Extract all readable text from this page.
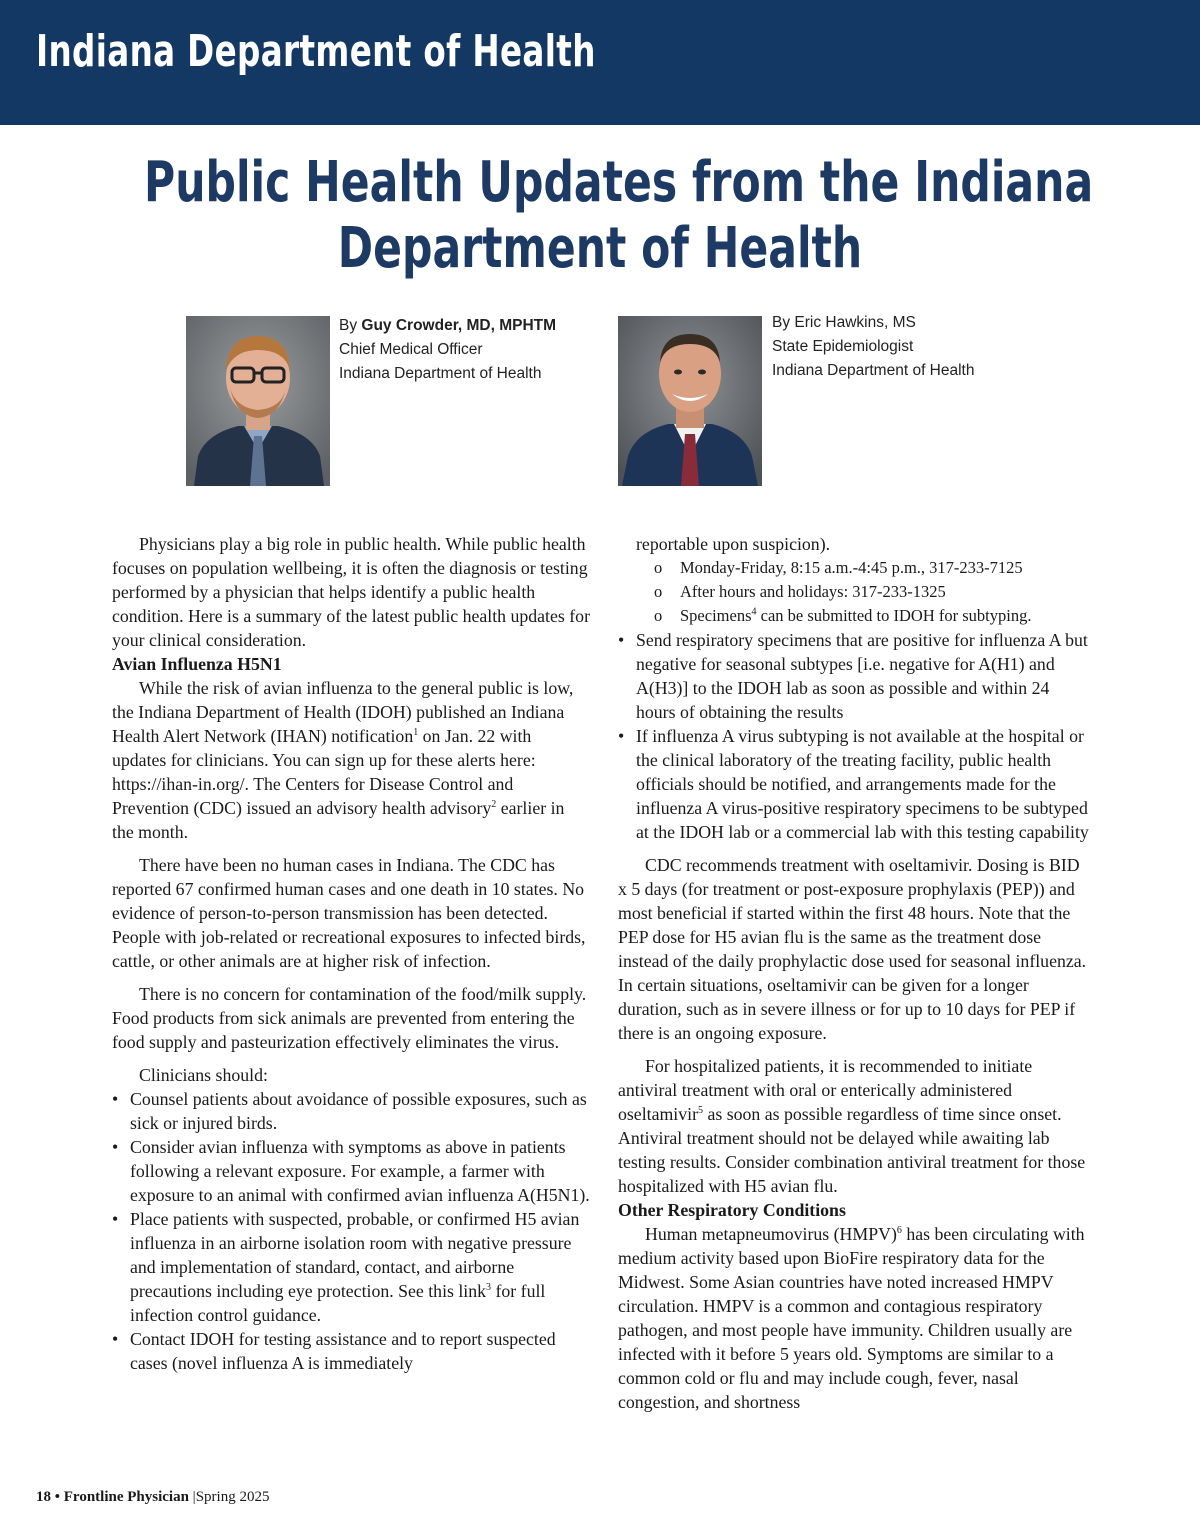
Indiana Department of Health
Public Health Updates from the Indiana
Department of Health
By Guy Crowder, MD, MPHTM
Chief Medical Officer
Indiana Department of Health
By Eric Hawkins, MS
State Epidemiologist
Indiana Department of Health

Physicians play a big role in public health. While public health focuses on population wellbeing, it is often the diagnosis or testing performed by a physician that helps identify a public health condition. Here is a summary of the latest public health updates for your clinical consideration.

Avian Influenza H5N1

While the risk of avian influenza to the general public is low, the Indiana Department of Health (IDOH) published an Indiana Health Alert Network (IHAN) notification$^1$ on Jan. 22 with updates for clinicians. You can sign up for these alerts here: https://ihan-in.org/. The Centers for Disease Control and Prevention (CDC) issued an advisory health advisory$^2$ earlier in the month.

There have been no human cases in Indiana. The CDC has reported 67 confirmed human cases and one death in 10 states. No evidence of person-to-person transmission has been detected. People with job-related or recreational exposures to infected birds, cattle, or other animals are at higher risk of infection.

There is no concern for contamination of the food/milk supply. Food products from sick animals are prevented from entering the food supply and pasteurization effectively eliminates the virus.

Clinicians should:

• Counsel patients about avoidance of possible exposures, such as sick or injured birds.
• Consider avian influenza with symptoms as above in patients following a relevant exposure. For example, a farmer with exposure to an animal with confirmed avian influenza A(H5N1).
• Place patients with suspected, probable, or confirmed H5 avian influenza in an airborne isolation room with negative pressure and implementation of standard, contact, and airborne precautions including eye protection. See this link$^3$ for full infection control guidance.
• Contact IDOH for testing assistance and to report suspected cases (novel influenza A is immediately

reportable upon suspicion).

o Monday-Friday, 8:15 a.m.-4:45 p.m., 317-233-7125
o After hours and holidays: 317-233-1325
o Specimens$^4$ can be submitted to IDOH for subtyping.
• Send respiratory specimens that are positive for influenza A but negative for seasonal subtypes [i.e. negative for A(H1) and A(H3)] to the IDOH lab as soon as possible and within 24 hours of obtaining the results
• If influenza A virus subtyping is not available at the hospital or the clinical laboratory of the treating facility, public health officials should be notified, and arrangements made for the influenza A virus-positive respiratory specimens to be subtyped at the IDOH lab or a commercial lab with this testing capability

CDC recommends treatment with oseltamivir. Dosing is BID x 5 days (for treatment or post-exposure prophylaxis (PEP)) and most beneficial if started within the first 48 hours. Note that the PEP dose for H5 avian flu is the same as the treatment dose instead of the daily prophylactic dose used for seasonal influenza. In certain situations, oseltamivir can be given for a longer duration, such as in severe illness or for up to 10 days for PEP if there is an ongoing exposure.

For hospitalized patients, it is recommended to initiate antiviral treatment with oral or enterically administered oseltamivir$^5$ as soon as possible regardless of time since onset. Antiviral treatment should not be delayed while awaiting lab testing results. Consider combination antiviral treatment for those hospitalized with H5 avian flu.

Other Respiratory Conditions

Human metapneumovirus (HMPV)$^6$ has been circulating with medium activity based upon BioFire respiratory data for the Midwest. Some Asian countries have noted increased HMPV circulation. HMPV is a common and contagious respiratory pathogen, and most people have immunity. Children usually are infected with it before 5 years old. Symptoms are similar to a common cold or flu and may include cough, fever, nasal congestion, and shortness

18 • Frontline Physician |Spring 2025
